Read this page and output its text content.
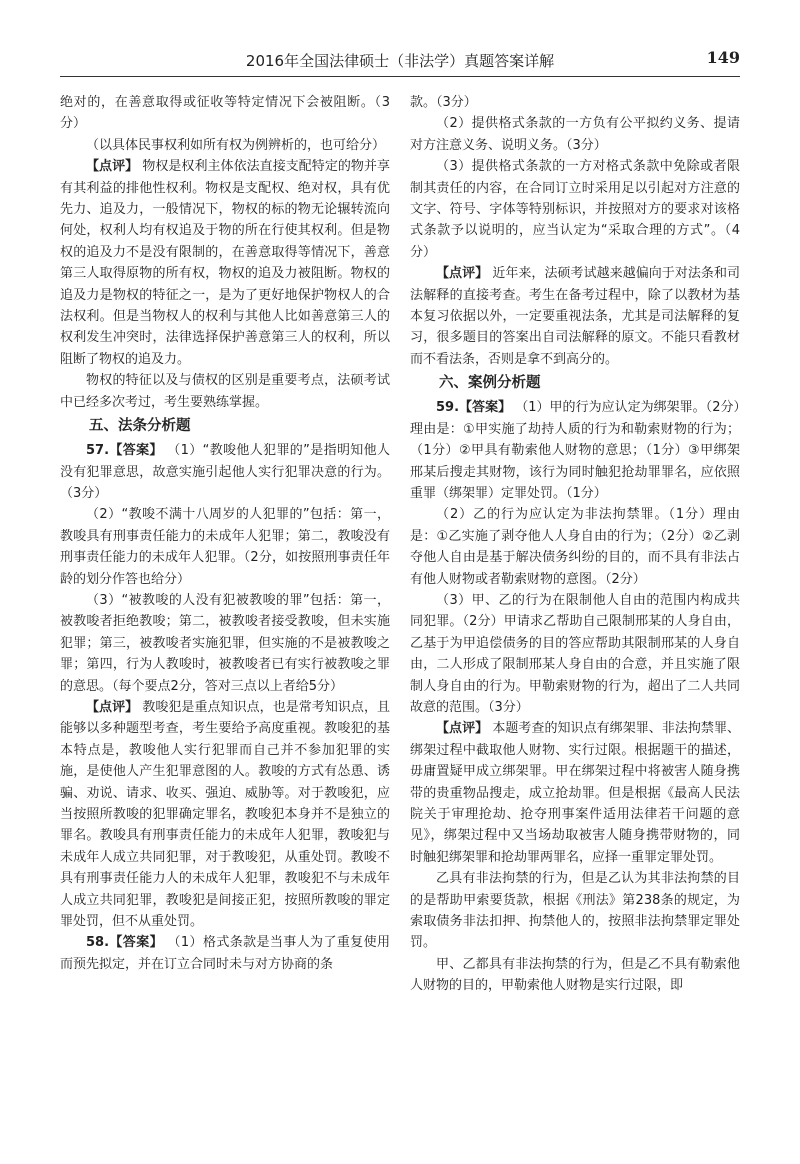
2016年全国法律硕士（非法学）真题答案详解	149

绝对的，在善意取得或征收等特定情况下会被阻断。（3分）

（以具体民事权利如所有权为例辨析的，也可给分）

【点评】 物权是权利主体依法直接支配特定的物并享有其利益的排他性权利。物权是支配权、绝对权，具有优先力、追及力，一般情况下，物权的标的物无论辗转流向何处，权利人均有权追及于物的所在行使其权利。但是物权的追及力不是没有限制的，在善意取得等情况下，善意第三人取得原物的所有权，物权的追及力被阻断。物权的追及力是物权的特征之一，是为了更好地保护物权人的合法权利。但是当物权人的权利与其他人比如善意第三人的权利发生冲突时，法律选择保护善意第三人的权利，所以阻断了物权的追及力。

物权的特征以及与债权的区别是重要考点，法硕考试中已经多次考过，考生要熟练掌握。

五、法条分析题

57.【答案】 （1）“教唆他人犯罪的”是指明知他人没有犯罪意思，故意实施引起他人实行犯罪决意的行为。（3分）

（2）“教唆不满十八周岁的人犯罪的”包括：第一，教唆具有刑事责任能力的未成年人犯罪；第二，教唆没有刑事责任能力的未成年人犯罪。（2分，如按照刑事责任年龄的划分作答也给分）

（3）“被教唆的人没有犯被教唆的罪”包括：第一，被教唆者拒绝教唆；第二，被教唆者接受教唆，但未实施犯罪；第三，被教唆者实施犯罪，但实施的不是被教唆之罪；第四，行为人教唆时，被教唆者已有实行被教唆之罪的意思。（每个要点2分，答对三点以上者给5分）

【点评】 教唆犯是重点知识点，也是常考知识点，且能够以多种题型考查，考生要给予高度重视。教唆犯的基本特点是，教唆他人实行犯罪而自己并不参加犯罪的实施，是使他人产生犯罪意图的人。教唆的方式有怂恿、诱骗、劝说、请求、收买、强迫、威胁等。对于教唆犯，应当按照所教唆的犯罪确定罪名，教唆犯本身并不是独立的罪名。教唆具有刑事责任能力的未成年人犯罪，教唆犯与未成年人成立共同犯罪，对于教唆犯，从重处罚。教唆不具有刑事责任能力人的未成年人犯罪，教唆犯不与未成年人成立共同犯罪，教唆犯是间接正犯，按照所教唆的罪定罪处罚，但不从重处罚。

58.【答案】 （1）格式条款是当事人为了重复使用而预先拟定，并在订立合同时未与对方协商的条

款。（3分）

（2）提供格式条款的一方负有公平拟约义务、提请对方注意义务、说明义务。（3分）

（3）提供格式条款的一方对格式条款中免除或者限制其责任的内容，在合同订立时采用足以引起对方注意的文字、符号、字体等特别标识，并按照对方的要求对该格式条款予以说明的，应当认定为“采取合理的方式”。（4分）

【点评】 近年来，法硕考试越来越偏向于对法条和司法解释的直接考查。考生在备考过程中，除了以教材为基本复习依据以外，一定要重视法条，尤其是司法解释的复习，很多题目的答案出自司法解释的原文。不能只看教材而不看法条，否则是拿不到高分的。

六、案例分析题

59.【答案】 （1）甲的行为应认定为绑架罪。（2分）理由是：①甲实施了劫持人质的行为和勒索财物的行为；（1分）②甲具有勒索他人财物的意思；（1分）③甲绑架邢某后搜走其财物，该行为同时触犯抢劫罪罪名，应依照重罪（绑架罪）定罪处罚。（1分）

（2）乙的行为应认定为非法拘禁罪。（1分）理由是：①乙实施了剥夺他人人身自由的行为；（2分）②乙剥夺他人自由是基于解决债务纠纷的目的，而不具有非法占有他人财物或者勒索财物的意图。（2分）

（3）甲、乙的行为在限制他人自由的范围内构成共同犯罪。（2分）甲请求乙帮助自己限制邢某的人身自由，乙基于为甲追偿债务的目的答应帮助其限制邢某的人身自由，二人形成了限制邢某人身自由的合意，并且实施了限制人身自由的行为。甲勒索财物的行为，超出了二人共同故意的范围。（3分）

【点评】 本题考查的知识点有绑架罪、非法拘禁罪、绑架过程中截取他人财物、实行过限。根据题干的描述，毋庸置疑甲成立绑架罪。甲在绑架过程中将被害人随身携带的贵重物品搜走，成立抢劫罪。但是根据《最高人民法院关于审理抢劫、抢夺刑事案件适用法律若干问题的意见》，绑架过程中又当场劫取被害人随身携带财物的，同时触犯绑架罪和抢劫罪两罪名，应择一重罪定罪处罚。

乙具有非法拘禁的行为，但是乙认为其非法拘禁的目的是帮助甲索要货款，根据《刑法》第238条的规定，为索取债务非法扣押、拘禁他人的，按照非法拘禁罪定罪处罚。

甲、乙都具有非法拘禁的行为，但是乙不具有勒索他人财物的目的，甲勒索他人财物是实行过限，即
